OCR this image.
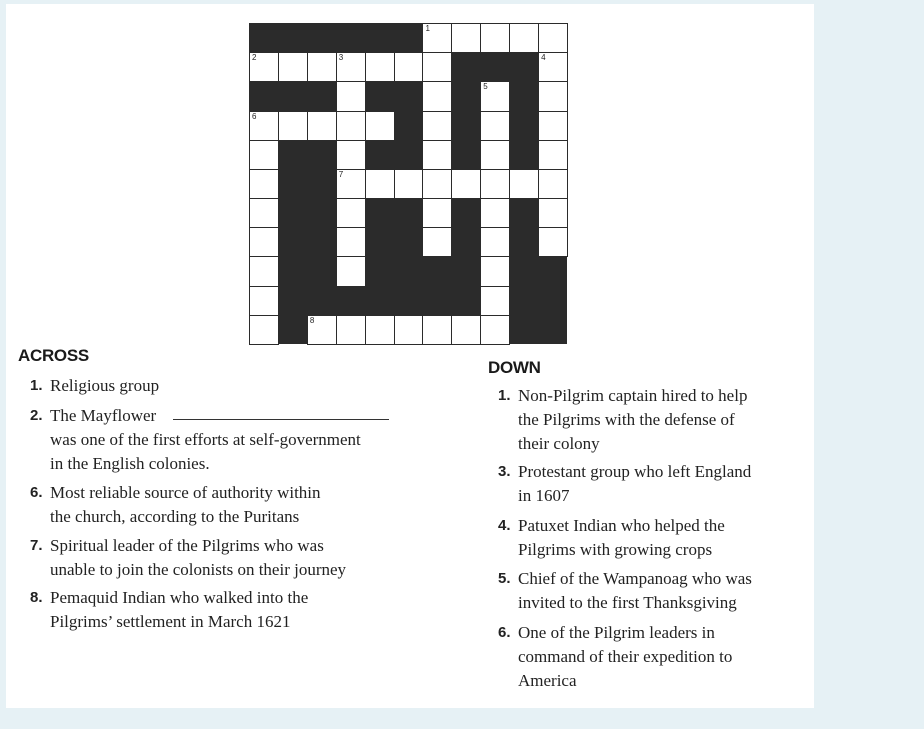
1
2	3
7
4
5
6
8
ACROSS
DOWN
1. Religious group
2. The Mayflower
was one of the first efforts at self-government
in the English colonies.
6. Most reliable source of authority within
the church, according to the Puritans
7. Spiritual leader of the Pilgrims who was
unable to join the colonists on their journey
8. Pemaquid Indian who walked into the
Pilgrims’ settlement in March 1621
1. Non-Pilgrim captain hired to help
the Pilgrims with the defense of
their colony
3. Protestant group who left England
in 1607
4. Patuxet Indian who helped the
Pilgrims with growing crops
5. Chief of the Wampanoag who was
invited to the first Thanksgiving
6. One of the Pilgrim leaders in
command of their expedition to
America
